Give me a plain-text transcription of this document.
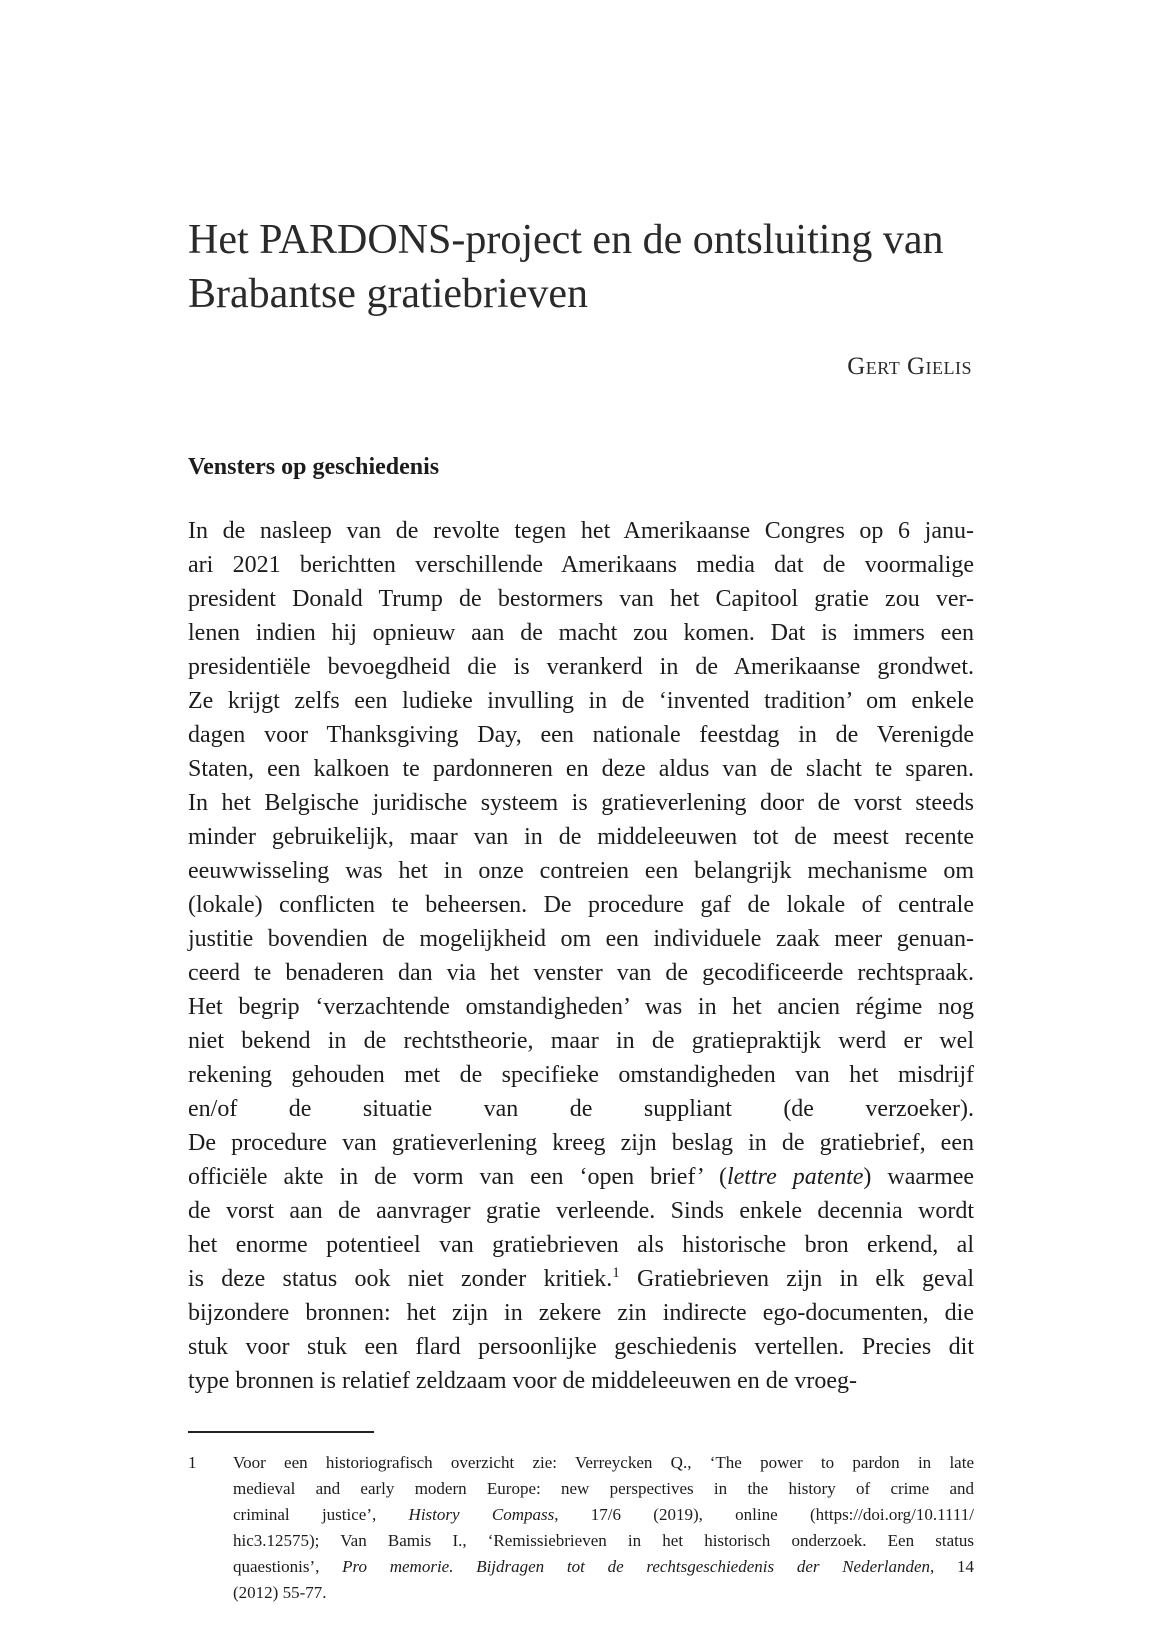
Het PARDONS-project en de ontsluiting van
Brabantse gratiebrieven
Gert Gielis
Vensters op geschiedenis
In de nasleep van de revolte tegen het Amerikaanse Congres op 6 janu-
ari 2021 berichtten verschillende Amerikaans media dat de voormalige
president Donald Trump de bestormers van het Capitool gratie zou ver-
lenen indien hij opnieuw aan de macht zou komen. Dat is immers een
presidentiële bevoegdheid die is verankerd in de Amerikaanse grondwet.
Ze krijgt zelfs een ludieke invulling in de ‘invented tradition’ om enkele
dagen voor Thanksgiving Day, een nationale feestdag in de Verenigde
Staten, een kalkoen te pardonneren en deze aldus van de slacht te sparen.
In het Belgische juridische systeem is gratieverlening door de vorst steeds
minder gebruikelijk, maar van in de middeleeuwen tot de meest recente
eeuwwisseling was het in onze contreien een belangrijk mechanisme om
(lokale) conflicten te beheersen. De procedure gaf de lokale of centrale
justitie bovendien de mogelijkheid om een individuele zaak meer genuan-
ceerd te benaderen dan via het venster van de gecodificeerde rechtspraak.
Het begrip ‘verzachtende omstandigheden’ was in het ancien régime nog
niet bekend in de rechtstheorie, maar in de gratiepraktijk werd er wel
rekening gehouden met de specifieke omstandigheden van het misdrijf
en/of de situatie van de suppliant (de verzoeker).
De procedure van gratieverlening kreeg zijn beslag in de gratiebrief, een
officiële akte in de vorm van een ‘open brief’ (lettre patente) waarmee
de vorst aan de aanvrager gratie verleende. Sinds enkele decennia wordt
het enorme potentieel van gratiebrieven als historische bron erkend, al
is deze status ook niet zonder kritiek.$^1$ Gratiebrieven zijn in elk geval
bijzondere bronnen: het zijn in zekere zin indirecte ego-documenten, die
stuk voor stuk een flard persoonlijke geschiedenis vertellen. Precies dit
type bronnen is relatief zeldzaam voor de middeleeuwen en de vroeg-
1 Voor een historiografisch overzicht zie: Verreycken Q., ‘The power to pardon in late
medieval and early modern Europe: new perspectives in the history of crime and
criminal justice’, History Compass, 17/6 (2019), online (https://doi.org/10.1111/
hic3.12575); Van Bamis I., ‘Remissiebrieven in het historisch onderzoek. Een status
quaestionis’, Pro memorie. Bijdragen tot de rechtsgeschiedenis der Nederlanden, 14
(2012) 55-77.
